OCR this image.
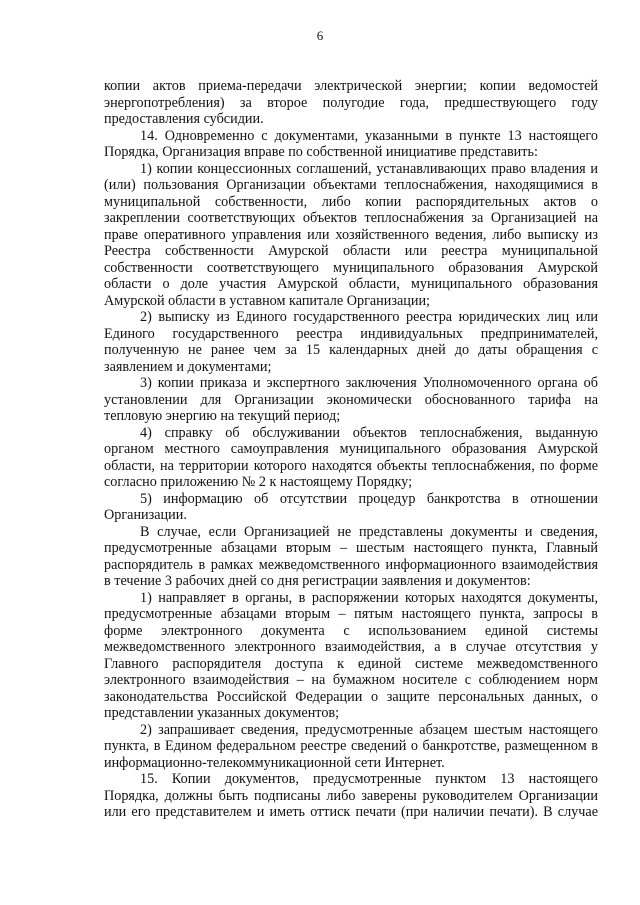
6
копии актов приема-передачи электрической энергии; копии ведомостей
энергопотребления) за второе полугодие года, предшествующего году
предоставления субсидии.
14. Одновременно с документами, указанными в пункте 13 настоящего
Порядка, Организация вправе по собственной инициативе представить:
1) копии концессионных соглашений, устанавливающих право владения и
(или) пользования Организации объектами теплоснабжения, находящимися в
муниципальной собственности, либо копии распорядительных актов о
закреплении соответствующих объектов теплоснабжения за Организацией на
праве оперативного управления или хозяйственного ведения, либо выписку из
Реестра собственности Амурской области или реестра муниципальной
собственности соответствующего муниципального образования Амурской
области о доле участия Амурской области, муниципального образования
Амурской области в уставном капитале Организации;
2) выписку из Единого государственного реестра юридических лиц или
Единого государственного реестра индивидуальных предпринимателей,
полученную не ранее чем за 15 календарных дней до даты обращения с
заявлением и документами;
3) копии приказа и экспертного заключения Уполномоченного органа об
установлении для Организации экономически обоснованного тарифа на
тепловую энергию на текущий период;
4) справку об обслуживании объектов теплоснабжения, выданную
органом местного самоуправления муниципального образования Амурской
области, на территории которого находятся объекты теплоснабжения, по форме
согласно приложению № 2 к настоящему Порядку;
5) информацию об отсутствии процедур банкротства в отношении
Организации.
В случае, если Организацией не представлены документы и сведения,
предусмотренные абзацами вторым – шестым настоящего пункта, Главный
распорядитель в рамках межведомственного информационного взаимодействия
в течение 3 рабочих дней со дня регистрации заявления и документов:
1) направляет в органы, в распоряжении которых находятся документы,
предусмотренные абзацами вторым – пятым настоящего пункта, запросы в
форме электронного документа с использованием единой системы
межведомственного электронного взаимодействия, а в случае отсутствия у
Главного распорядителя доступа к единой системе межведомственного
электронного взаимодействия – на бумажном носителе с соблюдением норм
законодательства Российской Федерации о защите персональных данных, о
представлении указанных документов;
2) запрашивает сведения, предусмотренные абзацем шестым настоящего
пункта, в Едином федеральном реестре сведений о банкротстве, размещенном в
информационно-телекоммуникационной сети Интернет.
15. Копии документов, предусмотренные пунктом 13 настоящего
Порядка, должны быть подписаны либо заверены руководителем Организации
или его представителем и иметь оттиск печати (при наличии печати). В случае
